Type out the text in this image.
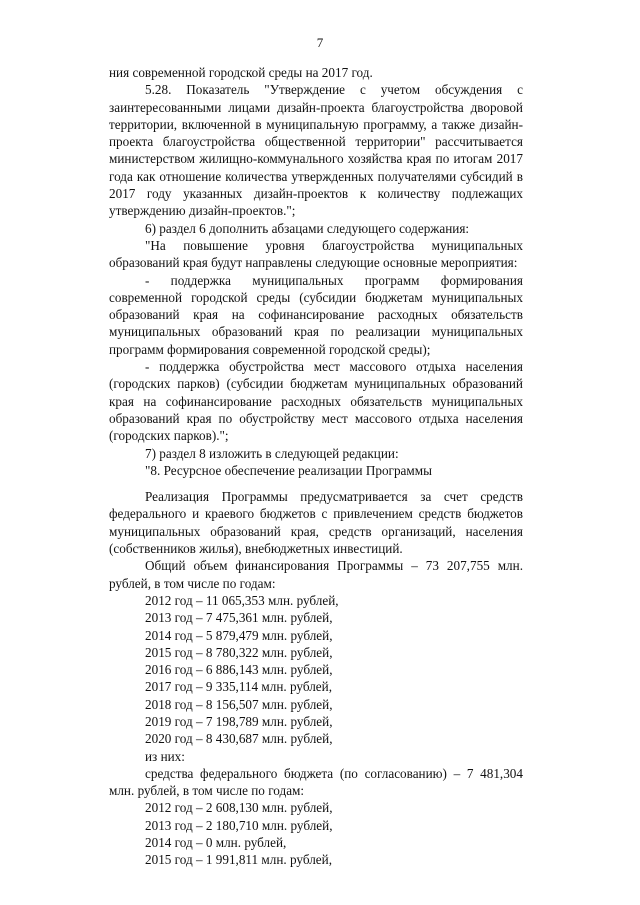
7

ния современной городской среды на 2017 год.

5.28. Показатель "Утверждение с учетом обсуждения с заинтересованными лицами дизайн-проекта благоустройства дворовой территории, включенной в муниципальную программу, а также дизайн-проекта благоустройства общественной территории" рассчитывается министерством жилищно-коммунального хозяйства края по итогам 2017 года как отношение количества утвержденных получателями субсидий в 2017 году указанных дизайн-проектов к количеству подлежащих утверждению дизайн-проектов.";

6) раздел 6 дополнить абзацами следующего содержания:

"На повышение уровня благоустройства муниципальных образований края будут направлены следующие основные мероприятия:

- поддержка муниципальных программ формирования современной городской среды (субсидии бюджетам муниципальных образований края на софинансирование расходных обязательств муниципальных образований края по реализации муниципальных программ формирования современной городской среды);

- поддержка обустройства мест массового отдыха населения (городских парков) (субсидии бюджетам муниципальных образований края на софинансирование расходных обязательств муниципальных образований края по обустройству мест массового отдыха населения (городских парков).";

7) раздел 8 изложить в следующей редакции:

"8. Ресурсное обеспечение реализации Программы

Реализация Программы предусматривается за счет средств федерального и краевого бюджетов с привлечением средств бюджетов муниципальных образований края, средств организаций, населения (собственников жилья), внебюджетных инвестиций.

Общий объем финансирования Программы – 73 207,755 млн. рублей, в том числе по годам:

2012 год – 11 065,353 млн. рублей,
2013 год – 7 475,361 млн. рублей,
2014 год – 5 879,479 млн. рублей,
2015 год – 8 780,322 млн. рублей,
2016 год – 6 886,143 млн. рублей,
2017 год – 9 335,114 млн. рублей,
2018 год – 8 156,507 млн. рублей,
2019 год – 7 198,789 млн. рублей,
2020 год – 8 430,687 млн. рублей,
из них:

средства федерального бюджета (по согласованию) – 7 481,304 млн. рублей, в том числе по годам:

2012 год – 2 608,130 млн. рублей,
2013 год – 2 180,710 млн. рублей,
2014 год – 0 млн. рублей,
2015 год – 1 991,811 млн. рублей,
